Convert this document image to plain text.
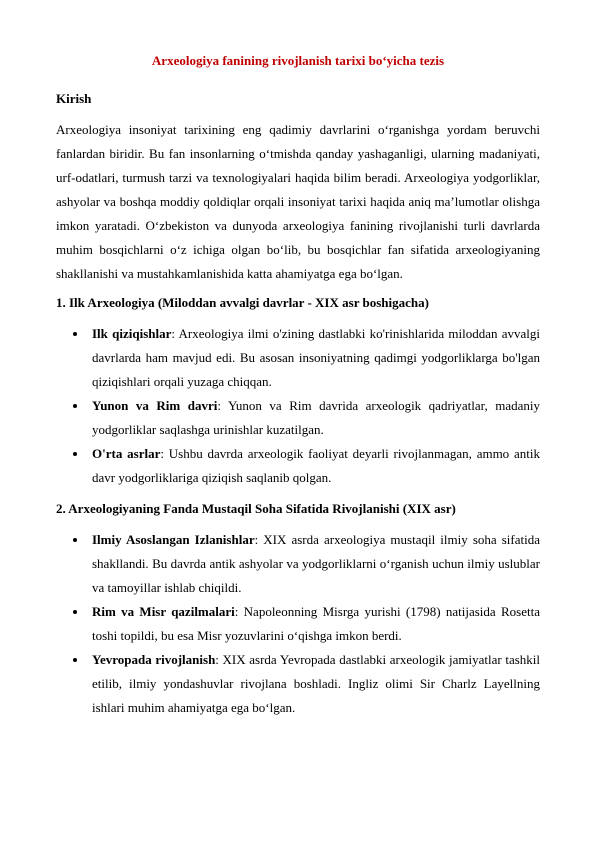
Arxeologiya fanining rivojlanish tarixi bo‘yicha tezis
Kirish

Arxeologiya insoniyat tarixining eng qadimiy davrlarini o‘rganishga yordam beruvchi fanlardan biridir. Bu fan insonlarning o‘tmishda qanday yashaganligi, ularning madaniyati, urf-odatlari, turmush tarzi va texnologiyalari haqida bilim beradi. Arxeologiya yodgorliklar, ashyolar va boshqa moddiy qoldiqlar orqali insoniyat tarixi haqida aniq ma’lumotlar olishga imkon yaratadi. O‘zbekiston va dunyoda arxeologiya fanining rivojlanishi turli davrlarda muhim bosqichlarni o‘z ichiga olgan bo‘lib, bu bosqichlar fan sifatida arxeologiyaning shakllanishi va mustahkamlanishida katta ahamiyatga ega bo‘lgan.

1. Ilk Arxeologiya (Miloddan avvalgi davrlar - XIX asr boshigacha)
Ilk qiziqishlar: Arxeologiya ilmi o'zining dastlabki ko'rinishlarida miloddan avvalgi davrlarda ham mavjud edi. Bu asosan insoniyatning qadimgi yodgorliklarga bo'lgan qiziqishlari orqali yuzaga chiqqan.
Yunon va Rim davri: Yunon va Rim davrida arxeologik qadriyatlar, madaniy yodgorliklar saqlashga urinishlar kuzatilgan.
O'rta asrlar: Ushbu davrda arxeologik faoliyat deyarli rivojlanmagan, ammo antik davr yodgorliklariga qiziqish saqlanib qolgan.
2. Arxeologiyaning Fanda Mustaqil Soha Sifatida Rivojlanishi (XIX asr)
Ilmiy Asoslangan Izlanishlar: XIX asrda arxeologiya mustaqil ilmiy soha sifatida shakllandi. Bu davrda antik ashyolar va yodgorliklarni o‘rganish uchun ilmiy uslublar va tamoyillar ishlab chiqildi.
Rim va Misr qazilmalari: Napoleonning Misrga yurishi (1798) natijasida Rosetta toshi topildi, bu esa Misr yozuvlarini o‘qishga imkon berdi.
Yevropada rivojlanish: XIX asrda Yevropada dastlabki arxeologik jamiyatlar tashkil etilib, ilmiy yondashuvlar rivojlana boshladi. Ingliz olimi Sir Charlz Layellning ishlari muhim ahamiyatga ega bo‘lgan.
